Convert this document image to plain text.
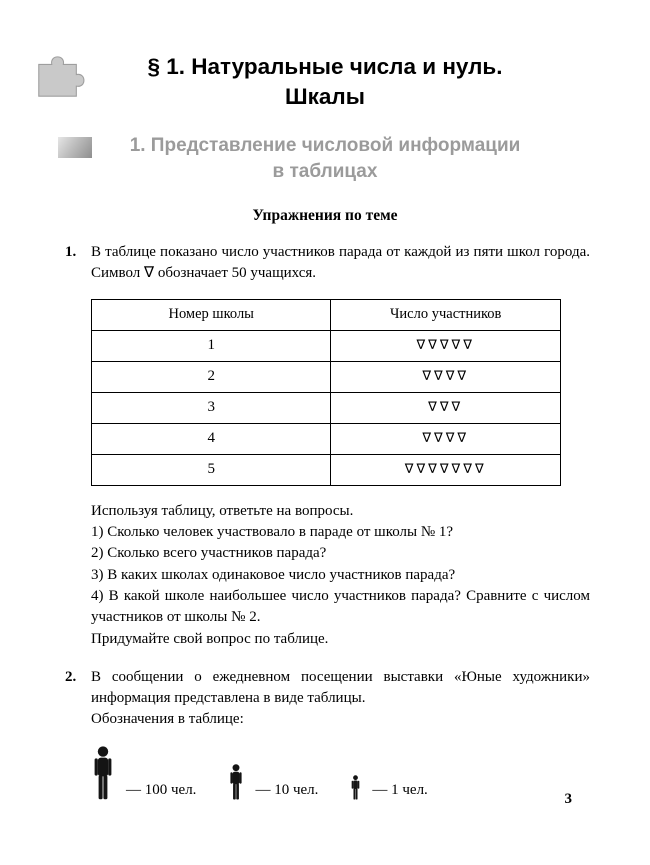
§ 1. Натуральные числа и нуль.
Шкалы
1. Представление числовой информации
в таблицах
Упражнения по теме
1. В таблице показано число участников парада от каждой из пяти школ города. Символ ∇ обозначает 50 учащихся.
Номер школы	Число участников
1	∇∇∇∇∇
2	∇∇∇∇
3	∇∇∇
4	∇∇∇∇
5	∇∇∇∇∇∇∇
Используя таблицу, ответьте на вопросы.
1) Сколько человек участвовало в параде от школы № 1?
2) Сколько всего участников парада?
3) В каких школах одинаковое число участников парада?
4) В какой школе наибольшее число участников парада? Сравните с числом участников от школы № 2.
Придумайте свой вопрос по таблице.
2. В сообщении о ежедневном посещении выставки «Юные художники» информация представлена в виде таблицы.
Обозначения в таблице:
— 100 чел.	— 10 чел.	— 1 чел.
3
